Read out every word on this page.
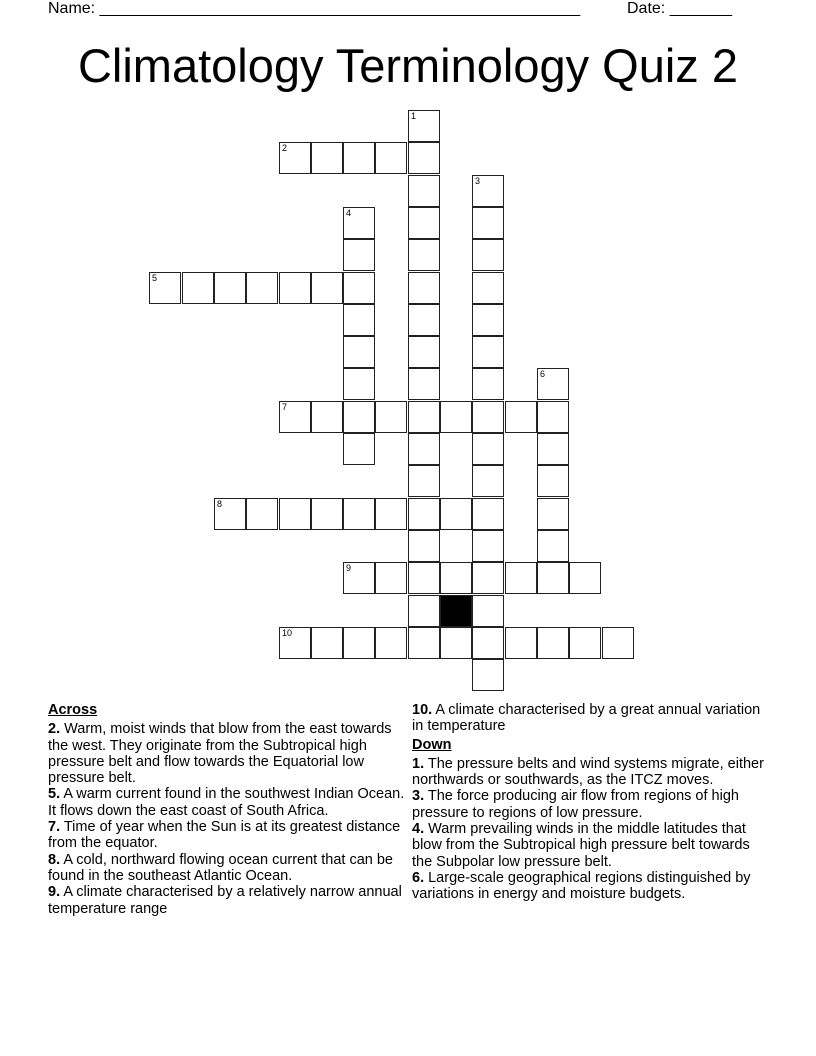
Name: ______________________________________________________	Date: _______
Climatology Terminology Quiz 2
1
2
3
4
5
6
7
8
9
10
Across
2. Warm, moist winds that blow from the east towards the west. They originate from the Subtropical high pressure belt and flow towards the Equatorial low pressure belt.
5. A warm current found in the southwest Indian Ocean. It flows down the east coast of South Africa.
7. Time of year when the Sun is at its greatest distance from the equator.
8. A cold, northward flowing ocean current that can be found in the southeast Atlantic Ocean.
9. A climate characterised by a relatively narrow annual temperature range
10. A climate characterised by a great annual variation in temperature
Down
1. The pressure belts and wind systems migrate, either northwards or southwards, as the ITCZ moves.
3. The force producing air flow from regions of high pressure to regions of low pressure.
4. Warm prevailing winds in the middle latitudes that blow from the Subtropical high pressure belt towards the Subpolar low pressure belt.
6. Large-scale geographical regions distinguished by variations in energy and moisture budgets.
